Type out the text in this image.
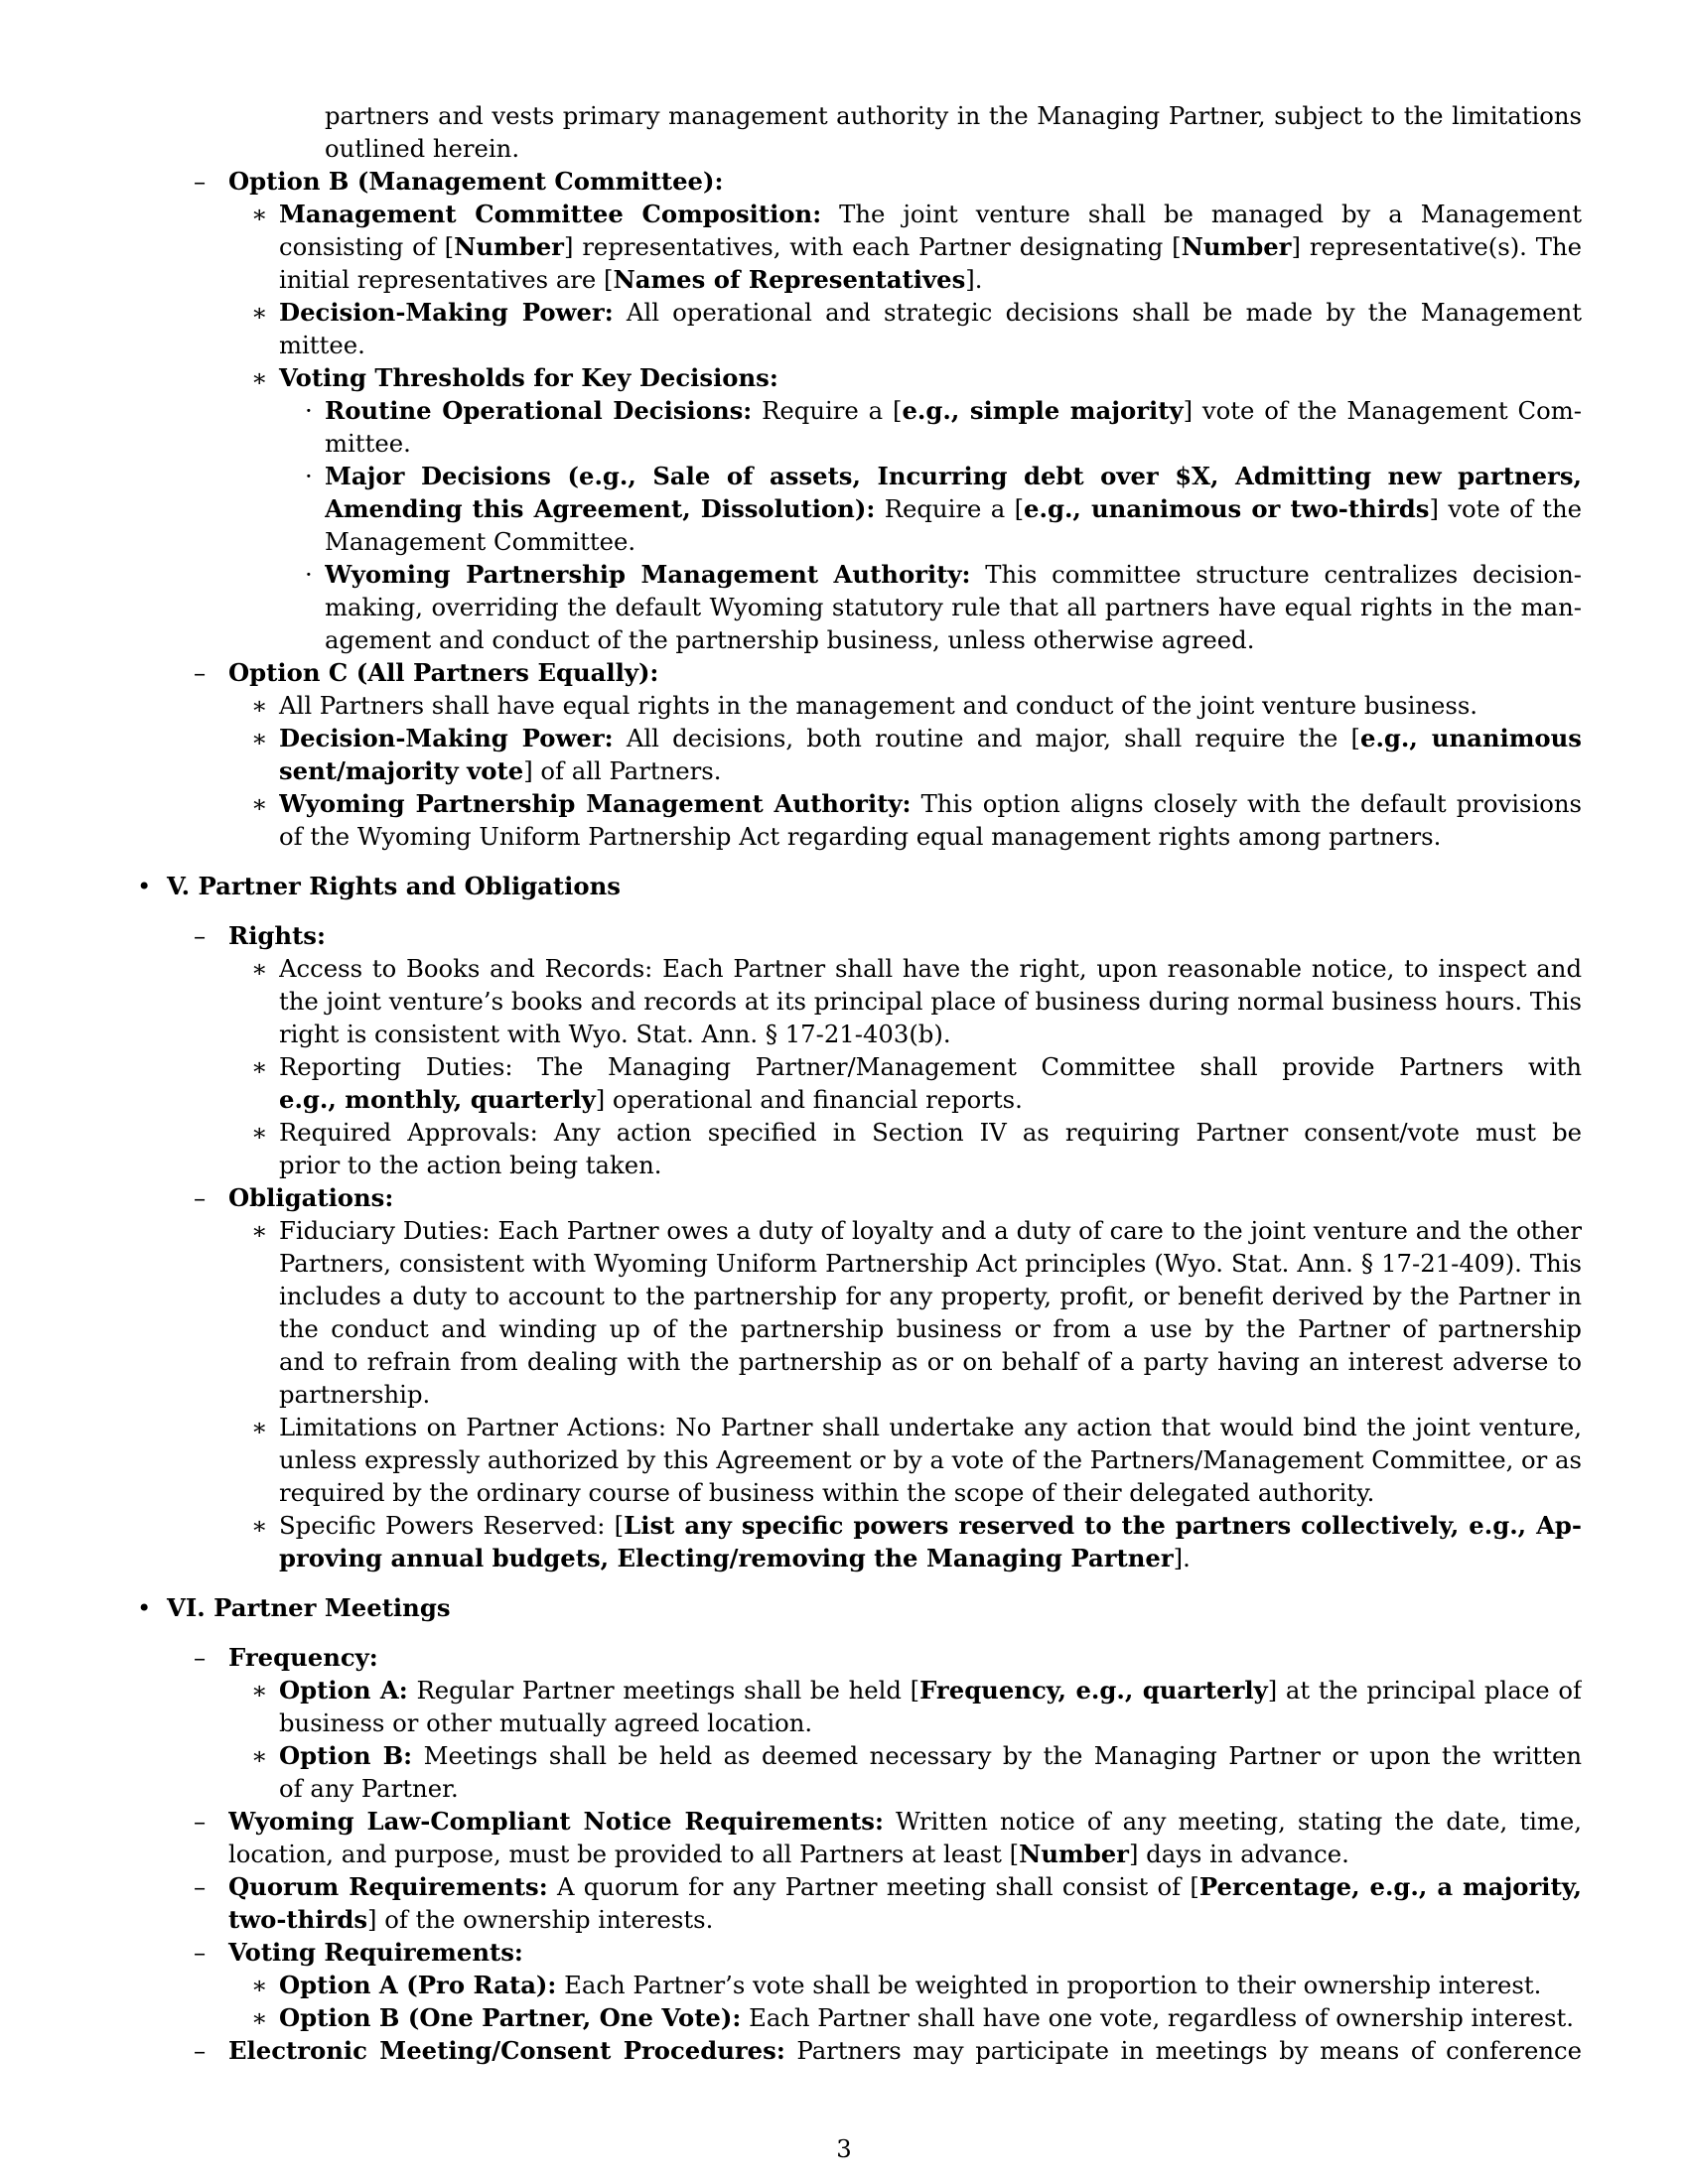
partners and vests primary management authority in the Managing Partner, subject to the limitations
outlined herein.
– Option B (Management Committee):
∗ Management Committee Composition: The joint venture shall be managed by a Management
consisting of [Number] representatives, with each Partner designating [Number] representative(s). The
initial representatives are [Names of Representatives].
∗ Decision-Making Power: All operational and strategic decisions shall be made by the Management
mittee.
∗ Voting Thresholds for Key Decisions:
· Routine Operational Decisions: Require a [e.g., simple majority] vote of the Management Com-
mittee.
· Major Decisions (e.g., Sale of assets, Incurring debt over $X, Admitting new partners,
Amending this Agreement, Dissolution): Require a [e.g., unanimous or two-thirds] vote of the
Management Committee.
· Wyoming Partnership Management Authority: This committee structure centralizes decision-
making, overriding the default Wyoming statutory rule that all partners have equal rights in the man-
agement and conduct of the partnership business, unless otherwise agreed.
– Option C (All Partners Equally):
∗ All Partners shall have equal rights in the management and conduct of the joint venture business.
∗ Decision-Making Power: All decisions, both routine and major, shall require the [e.g., unanimous
sent/majority vote] of all Partners.
∗ Wyoming Partnership Management Authority: This option aligns closely with the default provisions
of the Wyoming Uniform Partnership Act regarding equal management rights among partners.
• V. Partner Rights and Obligations
– Rights:
∗ Access to Books and Records: Each Partner shall have the right, upon reasonable notice, to inspect and
the joint venture’s books and records at its principal place of business during normal business hours. This
right is consistent with Wyo. Stat. Ann. § 17-21-403(b).
∗ Reporting Duties: The Managing Partner/Management Committee shall provide Partners with
e.g., monthly, quarterly] operational and financial reports.
∗ Required Approvals: Any action specified in Section IV as requiring Partner consent/vote must be
prior to the action being taken.
– Obligations:
∗ Fiduciary Duties: Each Partner owes a duty of loyalty and a duty of care to the joint venture and the other
Partners, consistent with Wyoming Uniform Partnership Act principles (Wyo. Stat. Ann. § 17-21-409). This
includes a duty to account to the partnership for any property, profit, or benefit derived by the Partner in
the conduct and winding up of the partnership business or from a use by the Partner of partnership
and to refrain from dealing with the partnership as or on behalf of a party having an interest adverse to
partnership.
∗ Limitations on Partner Actions: No Partner shall undertake any action that would bind the joint venture,
unless expressly authorized by this Agreement or by a vote of the Partners/Management Committee, or as
required by the ordinary course of business within the scope of their delegated authority.
∗ Specific Powers Reserved: [List any specific powers reserved to the partners collectively, e.g., Ap-
proving annual budgets, Electing/removing the Managing Partner].
• VI. Partner Meetings
– Frequency:
∗ Option A: Regular Partner meetings shall be held [Frequency, e.g., quarterly] at the principal place of
business or other mutually agreed location.
∗ Option B: Meetings shall be held as deemed necessary by the Managing Partner or upon the written
of any Partner.
– Wyoming Law-Compliant Notice Requirements: Written notice of any meeting, stating the date, time,
location, and purpose, must be provided to all Partners at least [Number] days in advance.
– Quorum Requirements: A quorum for any Partner meeting shall consist of [Percentage, e.g., a majority,
two-thirds] of the ownership interests.
– Voting Requirements:
∗ Option A (Pro Rata): Each Partner’s vote shall be weighted in proportion to their ownership interest.
∗ Option B (One Partner, One Vote): Each Partner shall have one vote, regardless of ownership interest.
– Electronic Meeting/Consent Procedures: Partners may participate in meetings by means of conference
3
